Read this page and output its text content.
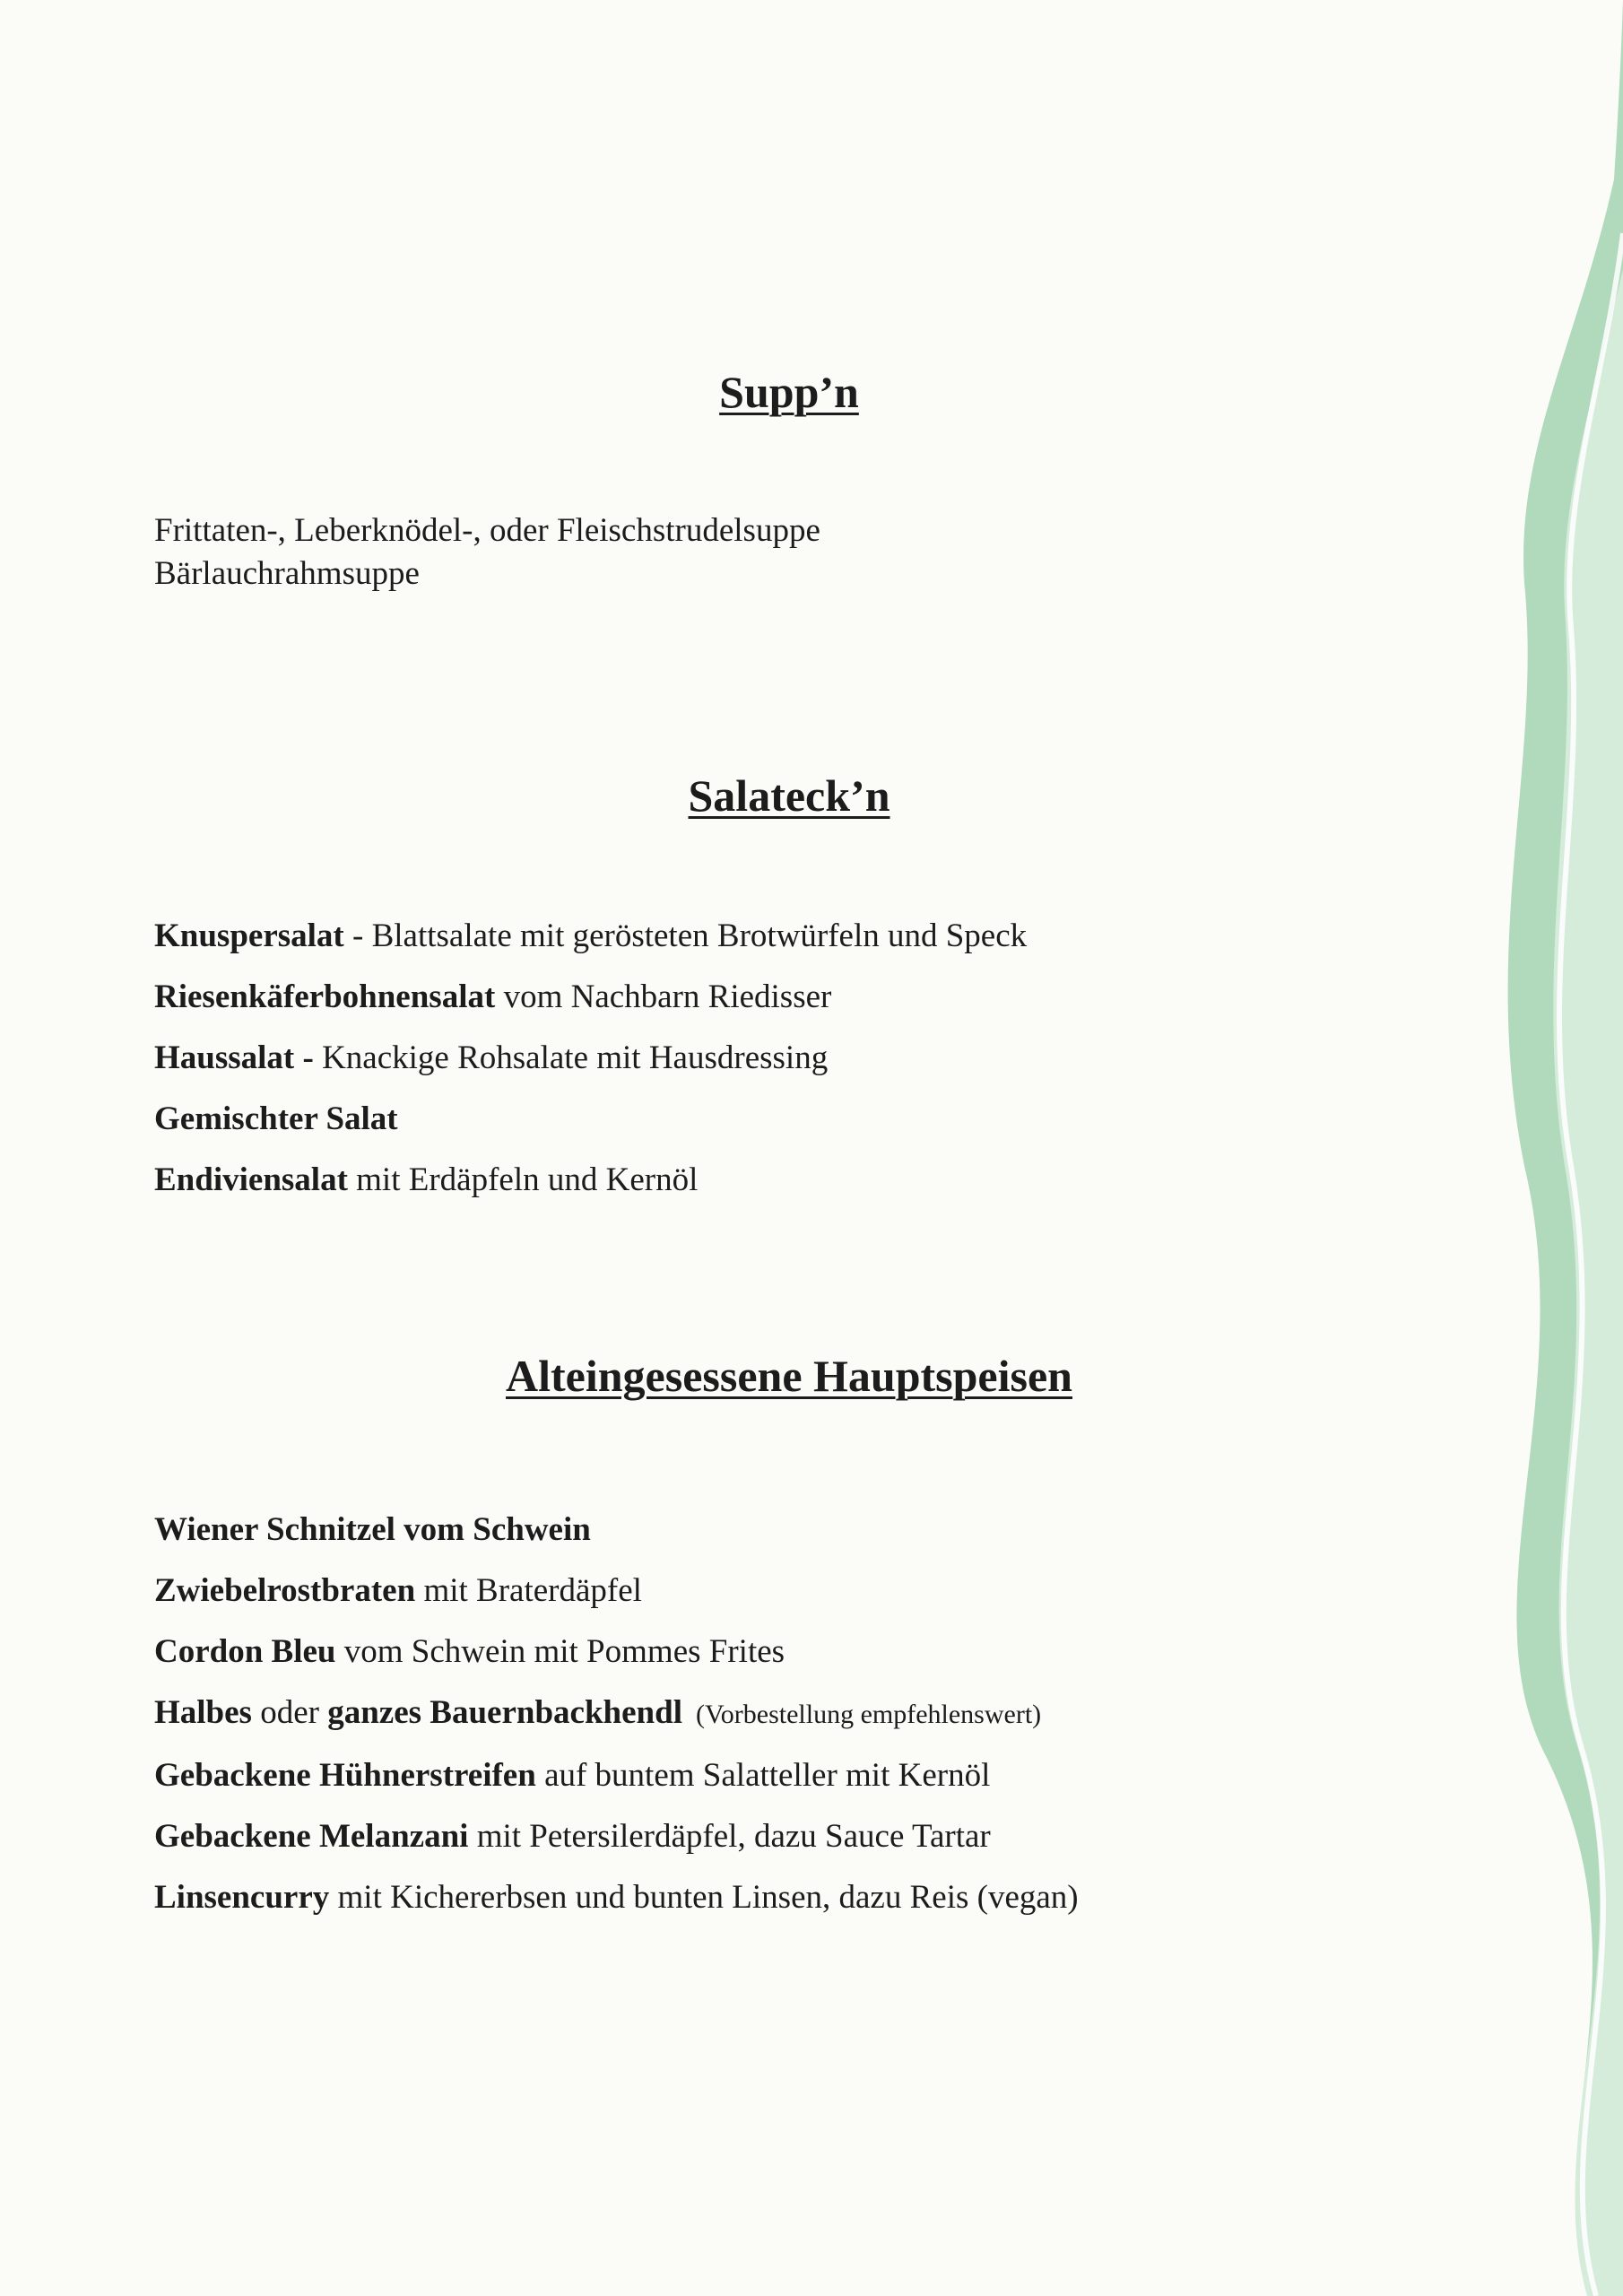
Supp’n
Frittaten-, Leberknödel-, oder Fleischstrudelsuppe
Bärlauchrahmsuppe
Salateck’n
Knuspersalat - Blattsalate mit gerösteten Brotwürfeln und Speck
Riesenkäferbohnensalat vom Nachbarn Riedisser
Haussalat - Knackige Rohsalate mit Hausdressing
Gemischter Salat
Endiviensalat mit Erdäpfeln und Kernöl
Alteingesessene Hauptspeisen
Wiener Schnitzel vom Schwein
Zwiebelrostbraten mit Braterdäpfel
Cordon Bleu vom Schwein mit Pommes Frites
Halbes oder ganzes Bauernbackhendl  (Vorbestellung empfehlenswert)
Gebackene Hühnerstreifen auf buntem Salatteller mit Kernöl
Gebackene Melanzani mit Petersilerdäpfel, dazu Sauce Tartar
Linsencurry mit Kichererbsen und bunten Linsen, dazu Reis (vegan)
